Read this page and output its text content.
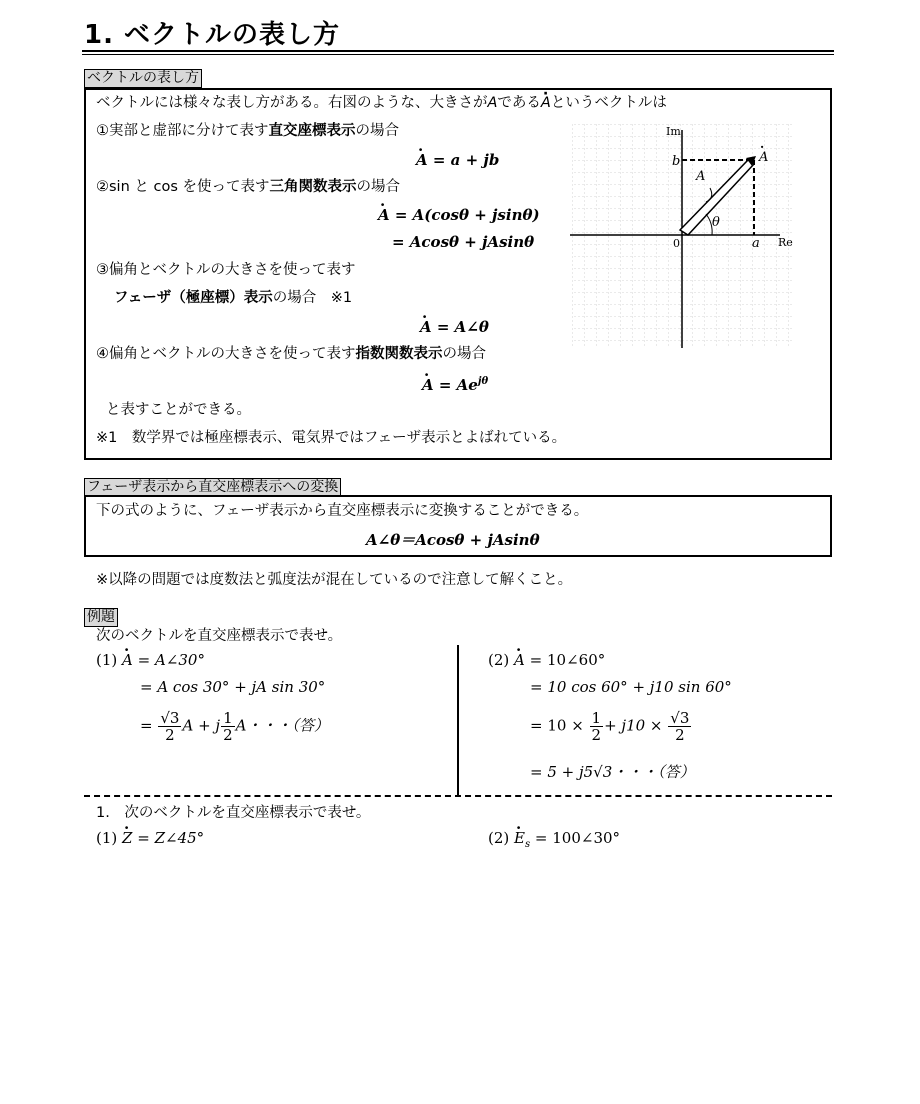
1. ベクトルの表し方
ベクトルの表し方
ベクトルには様々な表し方がある。右図のような、大きさがAである· Aというベクトルは
①実部と虚部に分けて表す直交座標表示の場合
· A = a + jb
②sin と cos を使って表す三角関数表示の場合
· A = A(cosθ + jsinθ)
= Acosθ + jAsinθ
③偏角とベクトルの大きさを使って表す
フェーザ（極座標）表示の場合　※1
· A = A∠θ
④偏角とベクトルの大きさを使って表す指数関数表示の場合
· $A = Ae^{j\theta}$
と表すことができる。
※1　数学界では極座標表示、電気界ではフェーザ表示とよばれている。
Im
Re
0
b
a
A
A
·
θ
フェーザ表示から直交座標表示への変換
下の式のように、フェーザ表示から直交座標表示に変換することができる。
A∠θ＝Acosθ + jAsinθ
※以降の問題では度数法と弧度法が混在しているので注意して解くこと。
例題
次のベクトルを直交座標表示で表せ。
(1) · A = A∠30°
= A cos 30° + jA sin 30°
= $\frac{√3}{2}$ A + j $\frac{1}{2}$ A・・・（答）
(2) · A = 10∠60°
= 10 cos 60° + j10 sin 60°
= $10 \times \frac{1}{2} + j10 \times \frac{√3}{2}$
= 5 + j5√3・・・（答）
1.　次のベクトルを直交座標表示で表せ。
(1) · Z = Z∠45°	$(2) \cdot E_s$ = 100∠30°
